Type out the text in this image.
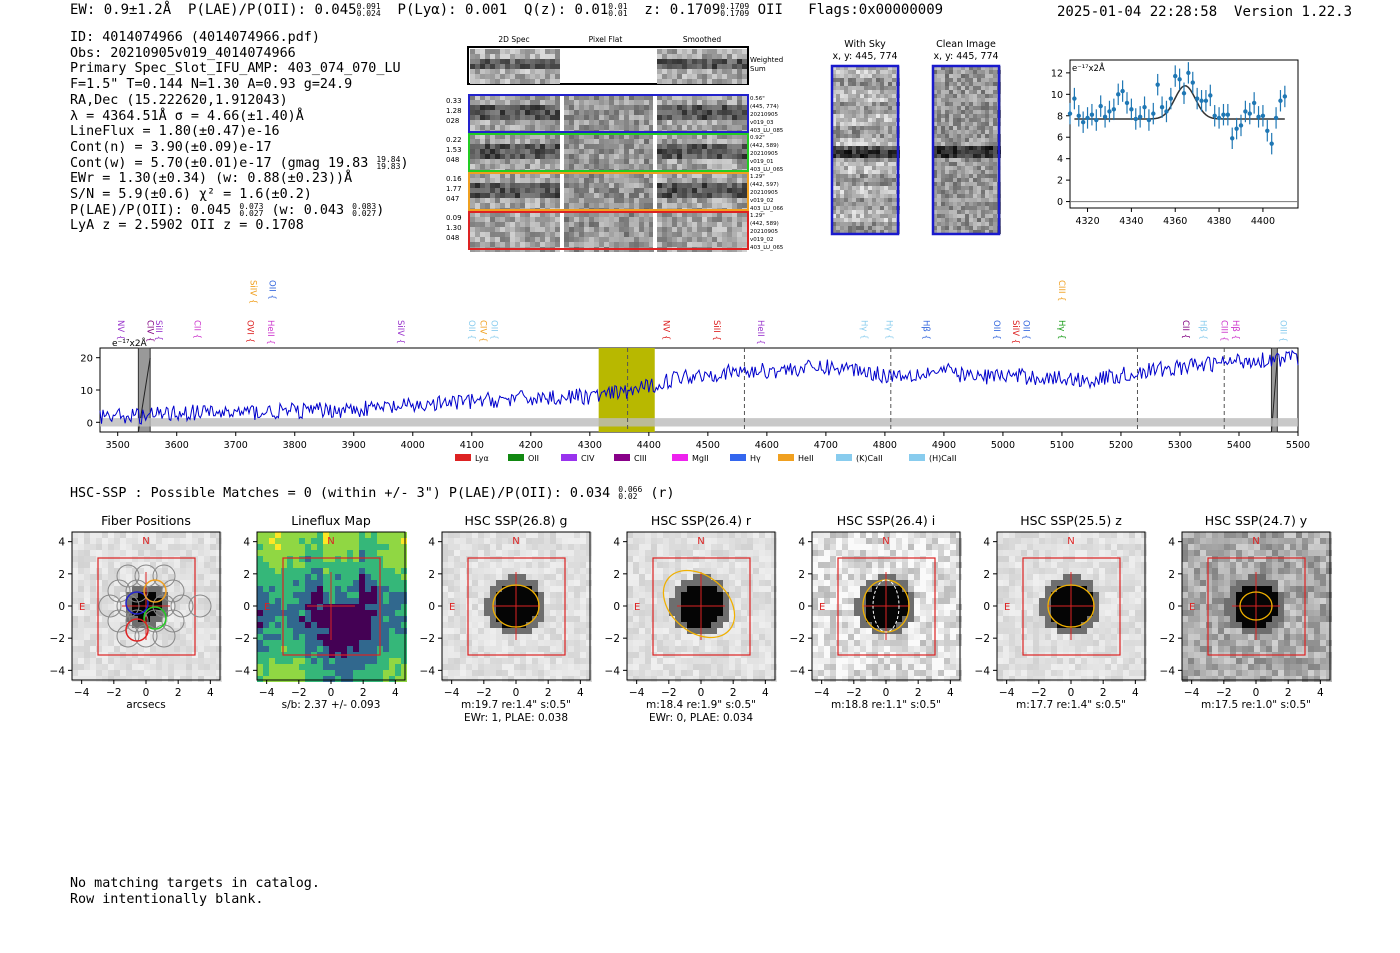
EW: 0.9±1.2Å P(LAE)/P(OII): 0.045 0.091
0.024 P(Lyα): 0.001 Q(z): 0.01 0.01
0.01 z: 0.1709 0.1709
0.1709 OII Flags:0x00000009	2025-01-04 22:28:58 Version 1.22.3
ID: 4014074966 (4014074966.pdf)
Obs: 20210905v019_4014074966
Primary Spec_Slot_IFU_AMP: 403_074_070_LU
F=1.5" T=0.144 N=1.30 A=0.93 g=24.9
RA,Dec (15.222620,1.912043)
λ = 4364.51Å σ = 4.66(±1.40)Å
LineFlux = 1.80(±0.47)e-16
Cont(n) = 3.90(±0.09)e-17
Cont(w) = 5.70(±0.01)e-17 (gmag 19.83 19.84
19.83 )
EWr = 1.30(±0.34) (w: 0.88(±0.23))Å
S/N = 5.9(±0.6) χ² = 1.6(±0.2)
P(LAE)/P(OII): 0.045 0.073
0.027 (w: 0.043 0.083
0.027 )
LyA z = 2.5902 OII z = 0.1708
2D Spec	Pixel Flat	Smoothed
Weighted
Sum
0.33
1.28
028
0.56"
(445, 774)
20210905
v019_03
403_LU_085
0.22
1.53
048
0.92"
(442, 589)
20210905
v019_01
403_LU_065
0.16
1.77
047
1.29"
(442, 597)
20210905
v019_02
403_LU_066
0.09
1.30
048
1.29"
(442, 589)
20210905
v019_02
403_LU_065
With Sky
x, y: 445, 774
Clean Image
x, y: 445, 774
e⁻¹⁷x2Å
0
2
4
6
8
10
12
4320 4340 4360 4380 4400
e⁻¹⁷x2Å
0
10
20
3500	3600	3700	3800	3900	4000	4100	4200	4300	4400	4500	4600	4700	4800	4900	5000	5100	5200	5300	5400	5500
NV { CIV {
SiII {	CII {	OVI {
SiIV { OII {
HeII {	SiIV {	OII { CIV { OII {	NV {	SiII {	HeII {	Hγ { Hγ {	Hβ {	OII { SiIV { OII {
CIII {
Hγ {	CII { Hβ { CIII { Hβ {	OIII {
Lyα	OII	CIV	CIII	MgII	Hγ	HeII	(K)CaII	(H)CaII
HSC-SSP : Possible Matches = 0 (within +/- 3") P(LAE)/P(OII): 0.034 0.066
0.02 (r)
Fiber Positions
N
E
−4
−4
−2
−2
0
0
2
2
4
4
arcsecs
Lineflux Map
N
E
−4
−4
−2
−2
0
0
2
2
4
4
s/b: 2.37 +/- 0.093
HSC SSP(26.8) g
N
E
−4
−4
−2
−2
0
0
2
2
4
4
m:19.7 re:1.4" s:0.5"
EWr: 1, PLAE: 0.038
HSC SSP(26.4) r
N
E
−4
−4
−2
−2
0
0
2
2
4
4
m:18.4 re:1.9" s:0.5"
EWr: 0, PLAE: 0.034
HSC SSP(26.4) i
N
E
−4
−4
−2
−2
0
0
2
2
4
4
m:18.8 re:1.1" s:0.5"
HSC SSP(25.5) z
N
E
−4
−4
−2
−2
0
0
2
2
4
4
m:17.7 re:1.4" s:0.5"
HSC SSP(24.7) y
N
E
−4
−4
−2
−2
0
0
2
2
4
4
m:17.5 re:1.0" s:0.5"
No matching targets in catalog.
Row intentionally blank.
